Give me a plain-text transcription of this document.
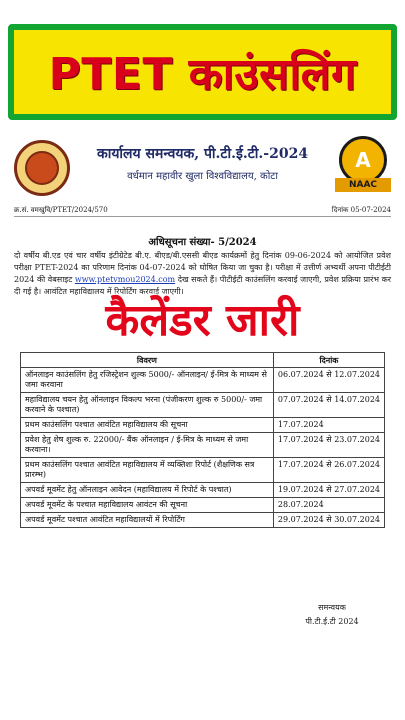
PTET काउंसलिंग
कार्यालय समन्वयक, पी.टी.ई.टी.-2024
वर्धमान महावीर खुला विश्वविद्यालय, कोटा
A
NAAC
क्र.सं. वमखुवि/PTET/2024/570	दिनांक 05-07-2024
अधिसूचना संख्या- 5/2024
दो वर्षीय बी.एड एवं चार वर्षीय इंटीग्रेटेड बी.ए. बीएड/बी.एससी बीएड कार्यक्रमों हेतु दिनांक 09-06-2024 को आयोजित प्रवेश परीक्षा PTET-2024 का परिणाम दिनांक 04-07-2024 को घोषित किया जा चुका है। परीक्षा में उत्तीर्ण अभ्यर्थी अपना पीटीईटी 2024 की वेबसाइट www.ptetvmou2024.com देख सकते हैं। पीटीईटी काउंसलिंग करवाई जाएगी, प्रवेश प्रक्रिया प्रारंभ कर दी गई है। आवंटित महाविद्यालय में रिपोर्टिंग करवाई जाएगी।
कैलेंडर जारी
विवरण	दिनांक
ऑनलाइन काउंसलिंग हेतु रजिस्ट्रेशन शुल्क 5000/- ऑनलाइन/ ई-मित्र के माध्यम से जमा करवाना	06.07.2024 से 12.07.2024
महाविद्यालय चयन हेतु ऑनलाइन विकल्प भरना (पंजीकरण शुल्क रु 5000/- जमा करवाने के पश्चात)	07.07.2024 से 14.07.2024
प्रथम काउंसलिंग पश्चात आवंटित महाविद्यालय की सूचना	17.07.2024
प्रवेश हेतु शेष शुल्क रु. 22000/- बैंक ऑनलाइन / ई-मित्र के माध्यम से जमा करवाना।	17.07.2024 से 23.07.2024
प्रथम काउंसलिंग पश्चात आवंटित महाविद्यालय में व्यक्तिशः रिपोर्ट (शैक्षणिक सत्र प्रारम्भ)	17.07.2024 से 26.07.2024
अपवर्ड मूवमेंट हेतु ऑनलाइन आवेदन (महाविद्यालय में रिपोर्ट के पश्चात)	19.07.2024 से 27.07.2024
अपवर्ड मूवमेंट के पश्चात महाविद्यालय आवंटन की सूचना	28.07.2024
अपवर्ड मूवमेंट पश्चात आवंटित महाविद्यालयों में रिपोर्टिंग	29.07.2024 से 30.07.2024
समन्वयक
पी.टी.ई.टी 2024
